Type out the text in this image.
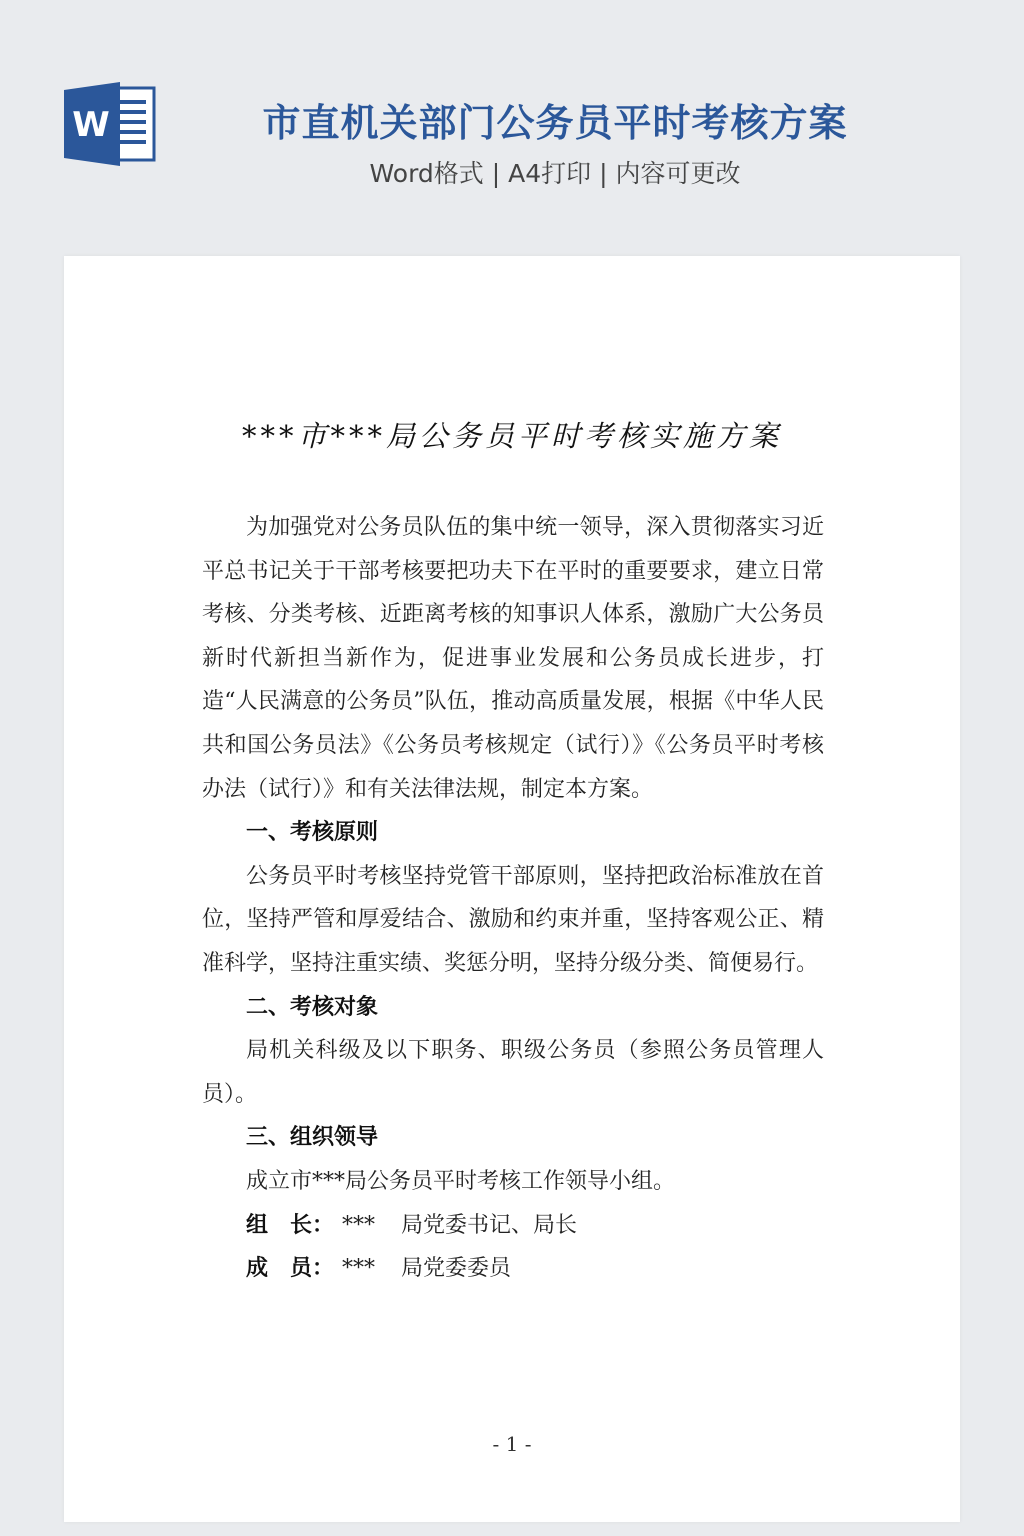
W	市直机关部门公务员平时考核方案
Word格式 | A4打印 | 内容可更改
***市***局公务员平时考核实施方案

为加强党对公务员队伍的集中统一领导，深入贯彻落实习近平总书记关于干部考核要把功夫下在平时的重要要求，建立日常考核、分类考核、近距离考核的知事识人体系，激励广大公务员新时代新担当新作为，促进事业发展和公务员成长进步，打造“人民满意的公务员”队伍，推动高质量发展，根据《中华人民共和国公务员法》《公务员考核规定（试行）》《公务员平时考核办法（试行）》和有关法律法规，制定本方案。

一、考核原则

公务员平时考核坚持党管干部原则，坚持把政治标准放在首位，坚持严管和厚爱结合、激励和约束并重，坚持客观公正、精准科学，坚持注重实绩、奖惩分明，坚持分级分类、简便易行。

二、考核对象

局机关科级及以下职务、职级公务员（参照公务员管理人员）。

三、组织领导

成立市***局公务员平时考核工作领导小组。

组　长： *** 局党委书记、局长

成　员： *** 局党委委员

- 1 -
